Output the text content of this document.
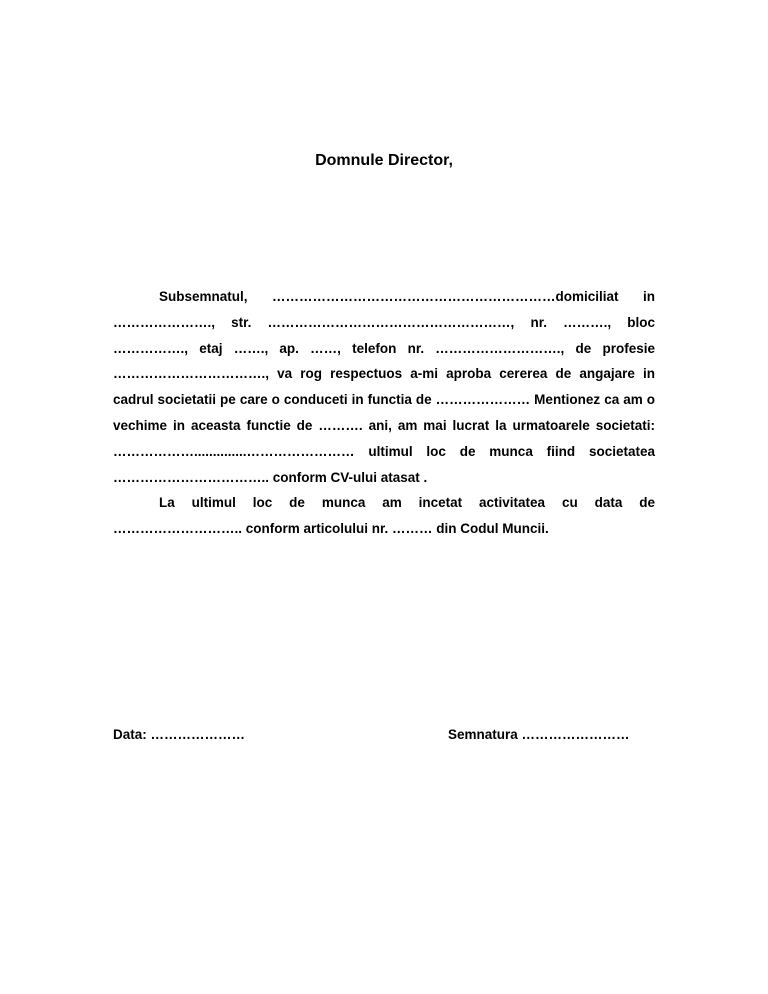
Domnule Director,

Subsemnatul, ………………………………………………………domiciliat in …………………., str. ………………………………………………, nr. ………., bloc ……………., etaj ……., ap. ……, telefon nr. ………………………., de profesie ……………………………., va rog respectuos a-mi aproba cererea de angajare in cadrul societatii pe care o conduceti in functia de ………………… Mentionez ca am o vechime in aceasta functie de ………. ani, am mai lucrat la urmatoarele societati: ………………..............…………………… ultimul loc de munca fiind societatea …………………………….. conform CV-ului atasat .

La ultimul loc de munca am incetat activitatea cu data de ……………………….. conform articolului nr. ……… din Codul Muncii.

Data: …………………	Semnatura ……………………
